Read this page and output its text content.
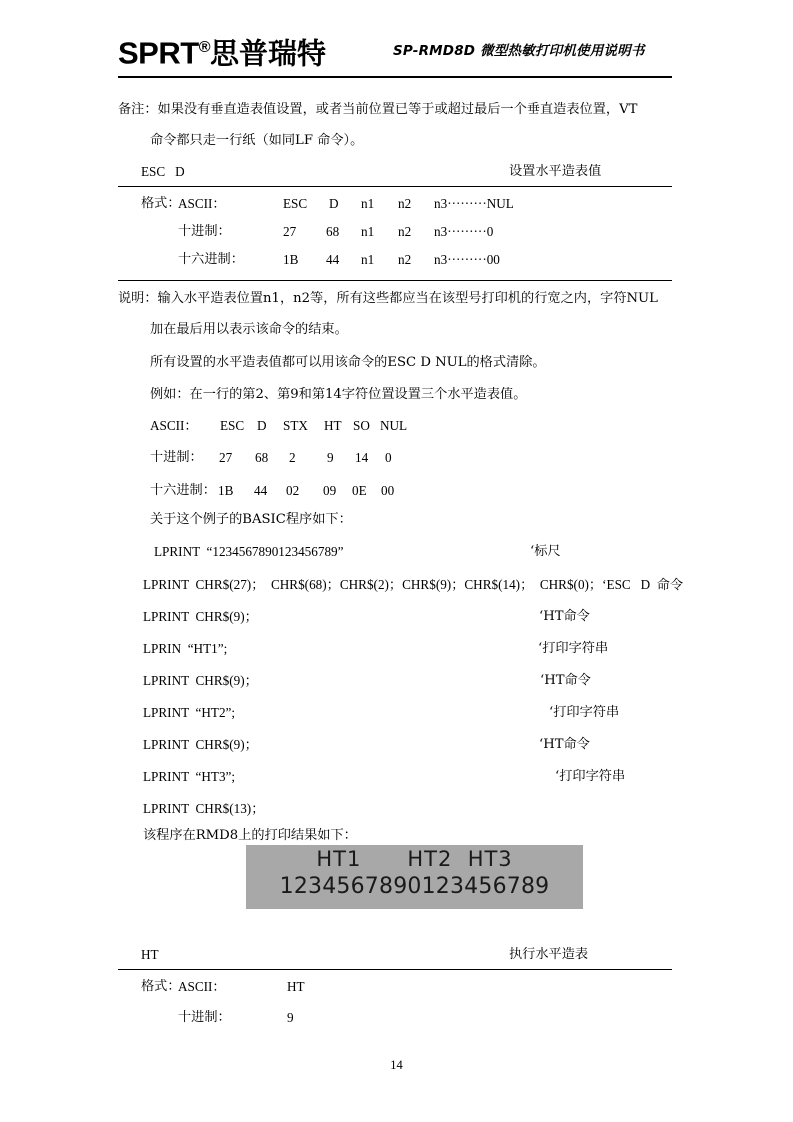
SPRT®思普瑞特	SP-RMD8D 微型热敏打印机使用说明书
备注：如果没有垂直造表值设置，或者当前位置已等于或超过最后一个垂直造表位置，VT
命令都只走一行纸（如同LF 命令）。
ESC   D	设置水平造表值
格式：
ASCII：	ESC D n1 n2 n3·········NUL
十进制：	27 68 n1 n2 n3·········0
十六进制：	1B 44 n1 n2 n3·········00
说明：输入水平造表位置n1，n2等，所有这些都应当在该型号打印机的行宽之内，字符NUL
加在最后用以表示该命令的结束。
所有设置的水平造表值都可以用该命令的ESC D NUL的格式清除。
例如：在一行的第2、第9和第14字符位置设置三个水平造表值。
ASCII： ESC D STX HT SO NUL
十进制： 27 68 2 9 14 0
十六进制： 1B 44 02 09 0E 00
关于这个例子的BASIC程序如下：
LPRINT  “1234567890123456789”	‘标尺
LPRINT  CHR$(27)；  CHR$(68)；CHR$(2)；CHR$(9)；CHR$(14)；  CHR$(0)；‘ESC   D  命令
LPRINT  CHR$(9)；	‘HT命令
LPRIN  “HT1”;	‘打印字符串
LPRINT  CHR$(9)；	‘HT命令
LPRINT  “HT2”;	‘打印字符串
LPRINT  CHR$(9)；	‘HT命令
LPRINT  “HT3”;	‘打印字符串
LPRINT  CHR$(13)；
该程序在RMD8上的打印结果如下：
HT1      HT2  HT3
1234567890123456789
HT	执行水平造表
格式：
ASCII：	HT
十进制：	9
14
